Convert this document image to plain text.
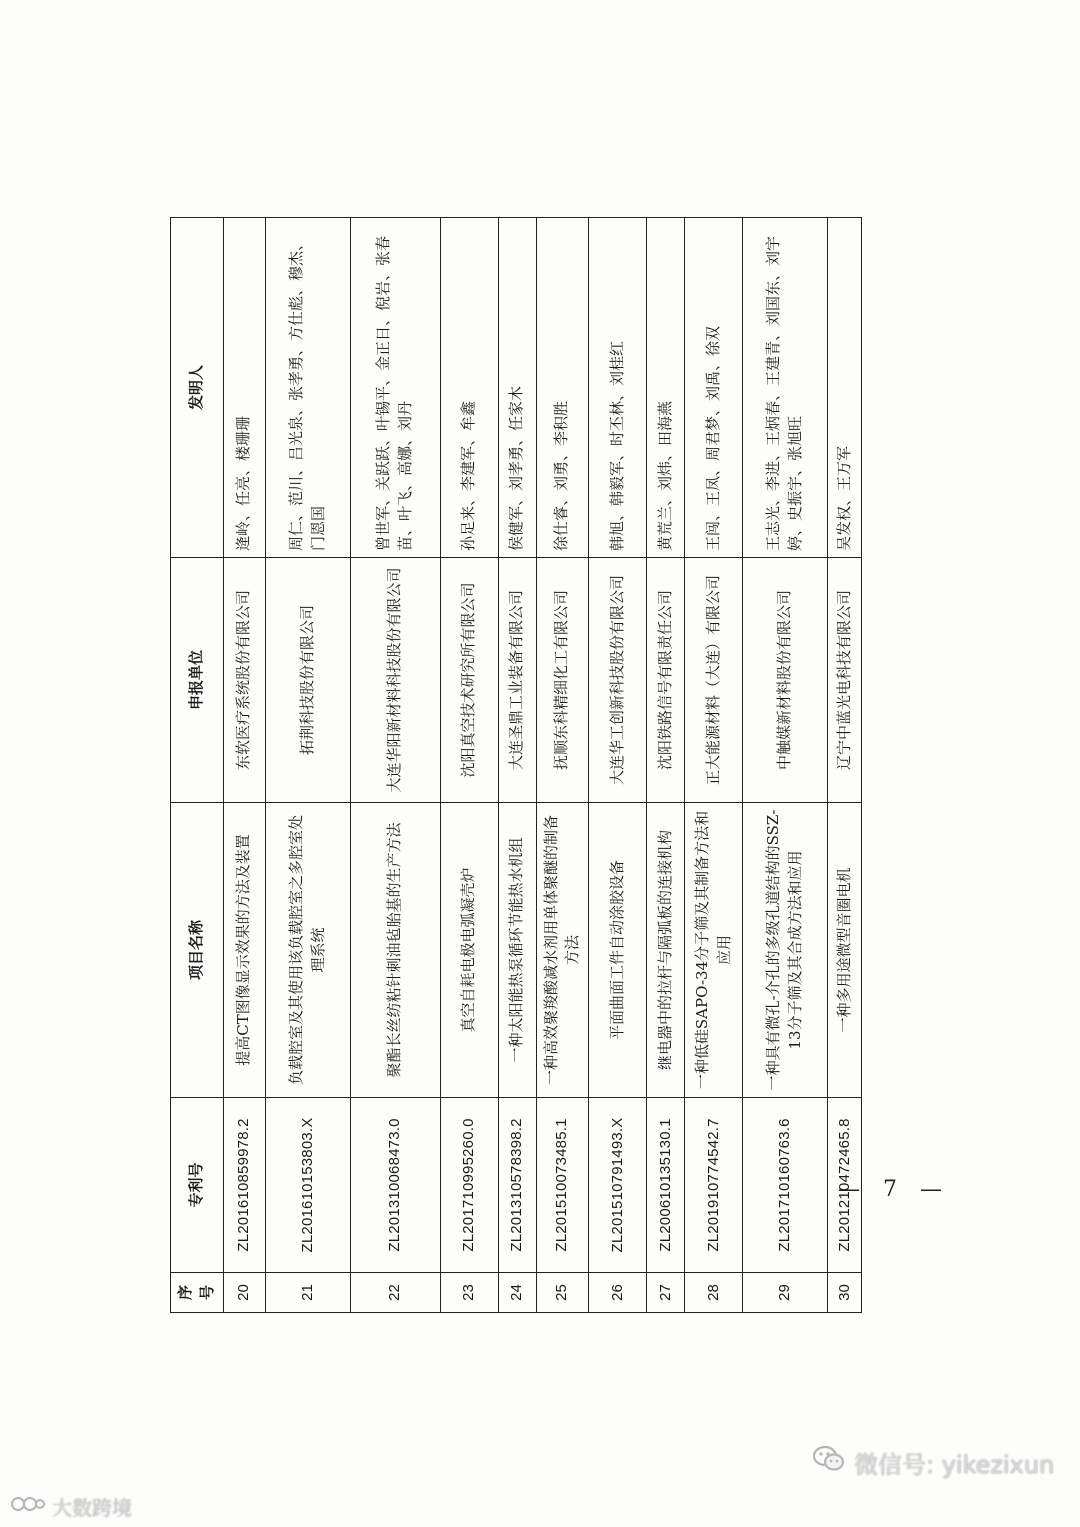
序号	专利号	项目名称	申报单位	发明人
20	ZL201610859978.2	提高CT图像显示效果的方法及装置	东软医疗系统股份有限公司	逄岭、任亮、楼珊珊
21	ZL201610153803.X	负载腔室及其使用该负载腔室之多腔室处理系统	拓荆科技股份有限公司	周仁、范川、吕光泉、张孝勇、方仕彪、穆杰、门恩国
22	ZL201310068473.0	聚酯长丝纺粘针刺油毡胎基的生产方法	大连华阳新材料科技股份有限公司	曾世军、关跃跃、叶锡平、金正日、倪岩、张春苗、叶飞、高娜、刘丹
23	ZL201710995260.0	真空自耗电极电弧凝壳炉	沈阳真空技术研究所有限公司	孙足来、李建军、牟鑫
24	ZL201310578398.2	一种太阳能热泵循环节能热水机组	大连圣鼎工业装备有限公司	侯健军、刘孝勇、任家木
25	ZL201510073485.1	一种高效聚羧酸减水剂用单体聚醚的制备方法	抚顺东科精细化工有限公司	徐仕睿、刘勇、李积胜
26	ZL201510791493.X	平面曲面工件自动涂胶设备	大连华工创新科技股份有限公司	韩旭、韩毅军、时丕林、刘桂红
27	ZL200610135130.1	继电器中的拉杆与隔弧板的连接机构	沈阳铁路信号有限责任公司	黄荒兰、刘炜、田海燕
28	ZL201910774542.7	一种低硅SAPO-34分子筛及其制备方法和应用	正大能源材料（大连）有限公司	王闯、王凤、周君梦、刘禹、徐双
29	ZL201710160763.6	一种具有微孔-介孔的多级孔道结构的SSZ-13分子筛及其合成方法和应用	中触媒新材料股份有限公司	王志光、李进、王炳春、王建青、刘国东、刘宇婷、史振宇、张旭旺
30	ZL201210472465.8	一种多用途微型音圈电机	辽宁中蓝光电科技有限公司	吴发权、王万军
— 7 —
微信号: yikezixun
大数跨境
